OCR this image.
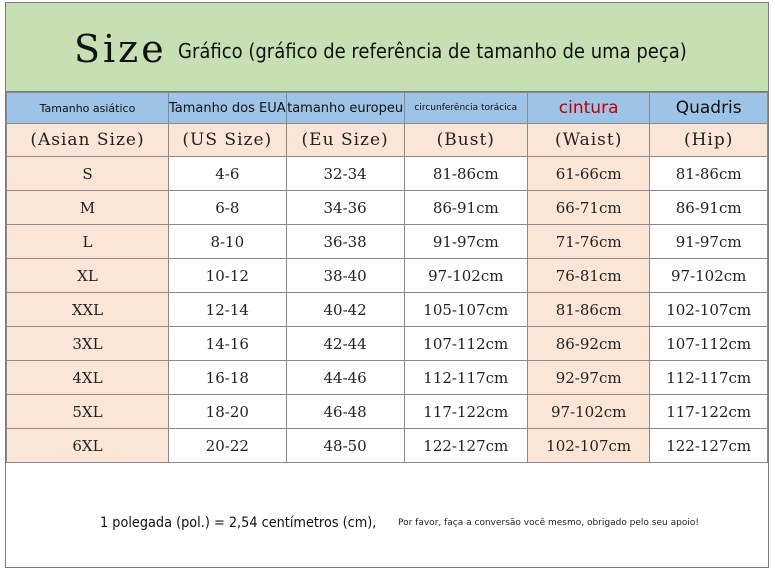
Size Gráfico (gráfico de referência de tamanho de uma peça)
Tamanho asiático	Tamanho dos EUA	tamanho europeu	circunferência torácica	cintura	Quadris
(Asian Size)	(US Size)	(Eu Size)	(Bust)	(Waist)	(Hip)
S	4-6	32-34	81-86cm	61-66cm	81-86cm
M	6-8	34-36	86-91cm	66-71cm	86-91cm
L	8-10	36-38	91-97cm	71-76cm	91-97cm
XL	10-12	38-40	97-102cm	76-81cm	97-102cm
XXL	12-14	40-42	105-107cm	81-86cm	102-107cm
3XL	14-16	42-44	107-112cm	86-92cm	107-112cm
4XL	16-18	44-46	112-117cm	92-97cm	112-117cm
5XL	18-20	46-48	117-122cm	97-102cm	117-122cm
6XL	20-22	48-50	122-127cm	102-107cm	122-127cm
1 polegada (pol.) = 2,54 centímetros (cm), Por favor, faça a conversão você mesmo, obrigado pelo seu apoio!
